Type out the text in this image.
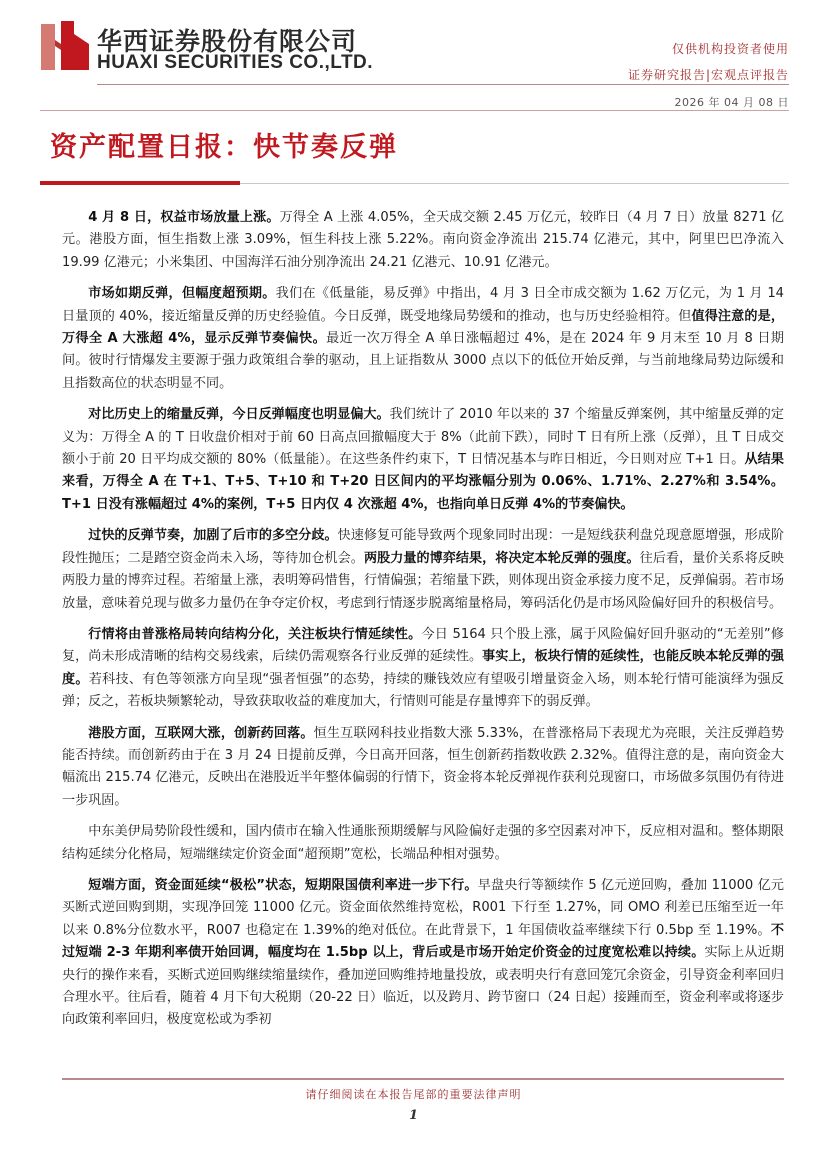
华西证券股份有限公司
HUAXI SECURITIES CO.,LTD.
仅供机构投资者使用
证券研究报告|宏观点评报告
2026 年 04 月 08 日
资产配置日报：快节奏反弹

4 月 8 日，权益市场放量上涨。万得全 A 上涨 4.05%，全天成交额 2.45 万亿元，较昨日（4 月 7 日）放量 8271 亿元。港股方面，恒生指数上涨 3.09%，恒生科技上涨 5.22%。南向资金净流出 215.74 亿港元，其中，阿里巴巴净流入 19.99 亿港元；小米集团、中国海洋石油分别净流出 24.21 亿港元、10.91 亿港元。

市场如期反弹，但幅度超预期。我们在《低量能，易反弹》中指出，4 月 3 日全市成交额为 1.62 万亿元，为 1 月 14 日量顶的 40%，接近缩量反弹的历史经验值。今日反弹，既受地缘局势缓和的推动，也与历史经验相符。但值得注意的是，万得全 A 大涨超 4%，显示反弹节奏偏快。最近一次万得全 A 单日涨幅超过 4%，是在 2024 年 9 月末至 10 月 8 日期间。彼时行情爆发主要源于强力政策组合拳的驱动，且上证指数从 3000 点以下的低位开始反弹，与当前地缘局势边际缓和且指数高位的状态明显不同。

对比历史上的缩量反弹，今日反弹幅度也明显偏大。我们统计了 2010 年以来的 37 个缩量反弹案例，其中缩量反弹的定义为：万得全 A 的 T 日收盘价相对于前 60 日高点回撤幅度大于 8%（此前下跌），同时 T 日有所上涨（反弹），且 T 日成交额小于前 20 日平均成交额的 80%（低量能）。在这些条件约束下，T 日情况基本与昨日相近，今日则对应 T+1 日。从结果来看，万得全 A 在 T+1、T+5、T+10 和 T+20 日区间内的平均涨幅分别为 0.06%、1.71%、2.27%和 3.54%。T+1 日没有涨幅超过 4%的案例，T+5 日内仅 4 次涨超 4%，也指向单日反弹 4%的节奏偏快。

过快的反弹节奏，加剧了后市的多空分歧。快速修复可能导致两个现象同时出现：一是短线获利盘兑现意愿增强，形成阶段性抛压；二是踏空资金尚未入场，等待加仓机会。两股力量的博弈结果，将决定本轮反弹的强度。往后看，量价关系将反映两股力量的博弈过程。若缩量上涨，表明筹码惜售，行情偏强；若缩量下跌，则体现出资金承接力度不足，反弹偏弱。若市场放量，意味着兑现与做多力量仍在争夺定价权，考虑到行情逐步脱离缩量格局，筹码活化仍是市场风险偏好回升的积极信号。

行情将由普涨格局转向结构分化，关注板块行情延续性。今日 5164 只个股上涨，属于风险偏好回升驱动的“无差别”修复，尚未形成清晰的结构交易线索，后续仍需观察各行业反弹的延续性。事实上，板块行情的延续性，也能反映本轮反弹的强度。若科技、有色等领涨方向呈现“强者恒强”的态势，持续的赚钱效应有望吸引增量资金入场，则本轮行情可能演绎为强反弹；反之，若板块频繁轮动，导致获取收益的难度加大，行情则可能是存量博弈下的弱反弹。

港股方面，互联网大涨，创新药回落。恒生互联网科技业指数大涨 5.33%，在普涨格局下表现尤为亮眼，关注反弹趋势能否持续。而创新药由于在 3 月 24 日提前反弹，今日高开回落，恒生创新药指数收跌 2.32%。值得注意的是，南向资金大幅流出 215.74 亿港元，反映出在港股近半年整体偏弱的行情下，资金将本轮反弹视作获利兑现窗口，市场做多氛围仍有待进一步巩固。

中东美伊局势阶段性缓和，国内债市在输入性通胀预期缓解与风险偏好走强的多空因素对冲下，反应相对温和。整体期限结构延续分化格局，短端继续定价资金面“超预期”宽松，长端品种相对强势。

短端方面，资金面延续“极松”状态，短期限国债利率进一步下行。早盘央行等额续作 5 亿元逆回购，叠加 11000 亿元买断式逆回购到期，实现净回笼 11000 亿元。资金面依然维持宽松，R001 下行至 1.27%，同 OMO 利差已压缩至近一年以来 0.8%分位数水平，R007 也稳定在 1.39%的绝对低位。在此背景下，1 年国债收益率继续下行 0.5bp 至 1.19%。不过短端 2-3 年期利率债开始回调，幅度均在 1.5bp 以上，背后或是市场开始定价资金的过度宽松难以持续。实际上从近期央行的操作来看，买断式逆回购继续缩量续作，叠加逆回购维持地量投放，或表明央行有意回笼冗余资金，引导资金利率回归合理水平。往后看，随着 4 月下旬大税期（20-22 日）临近，以及跨月、跨节窗口（24 日起）接踵而至，资金利率或将逐步向政策利率回归，极度宽松或为季初

请仔细阅读在本报告尾部的重要法律声明
1
